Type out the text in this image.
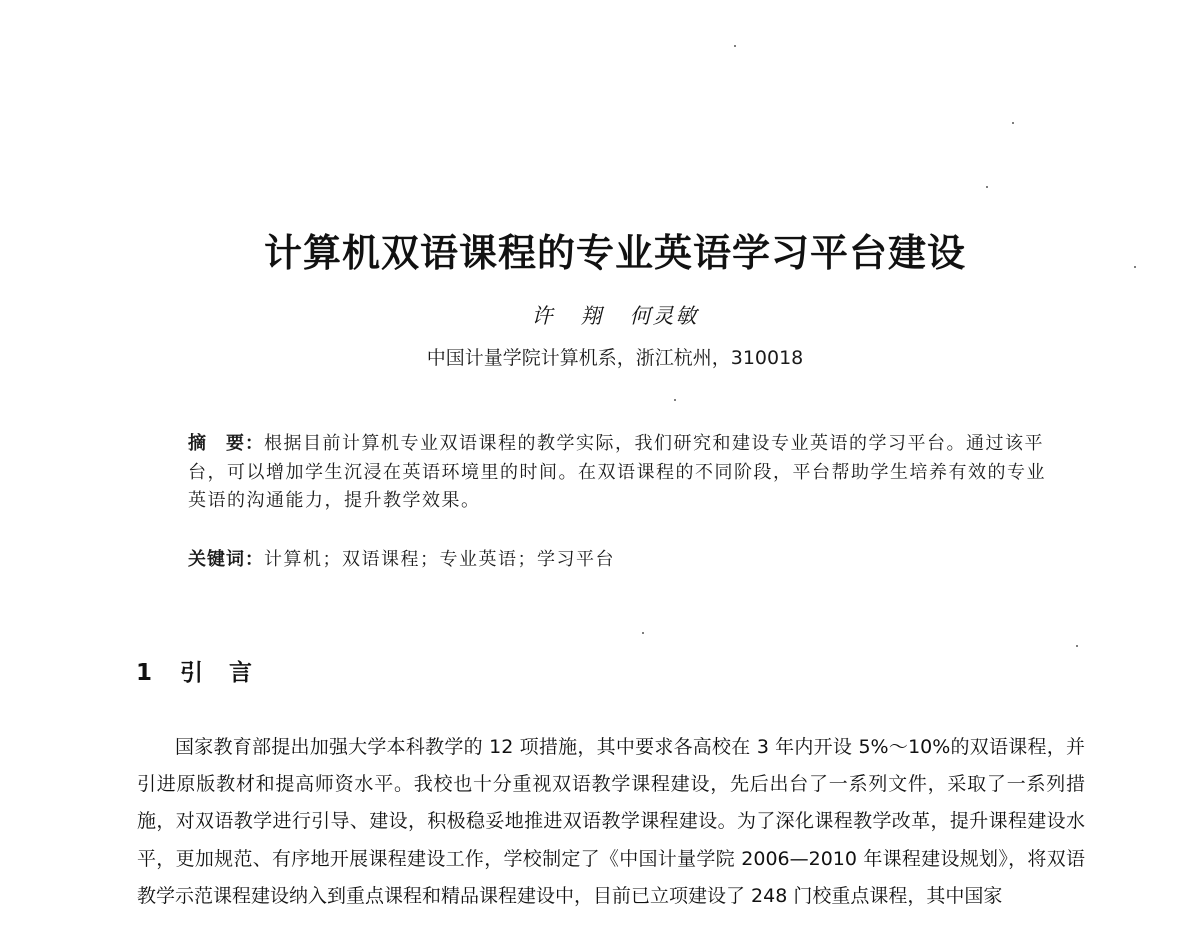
计算机双语课程的专业英语学习平台建设
许   翔   何灵敏
中国计量学院计算机系，浙江杭州，310018

摘　要：根据目前计算机专业双语课程的教学实际，我们研究和建设专业英语的学习平台。通过该平台，可以增加学生沉浸在英语环境里的时间。在双语课程的不同阶段，平台帮助学生培养有效的专业英语的沟通能力，提升教学效果。

关键词：计算机；双语课程；专业英语；学习平台

1 引言

国家教育部提出加强大学本科教学的 12 项措施，其中要求各高校在 3 年内开设 5%～10%的双语课程，并引进原版教材和提高师资水平。我校也十分重视双语教学课程建设，先后出台了一系列文件，采取了一系列措施，对双语教学进行引导、建设，积极稳妥地推进双语教学课程建设。为了深化课程教学改革，提升课程建设水平，更加规范、有序地开展课程建设工作，学校制定了《中国计量学院 2006—2010 年课程建设规划》，将双语教学示范课程建设纳入到重点课程和精品课程建设中，目前已立项建设了 248 门校重点课程，其中国家
